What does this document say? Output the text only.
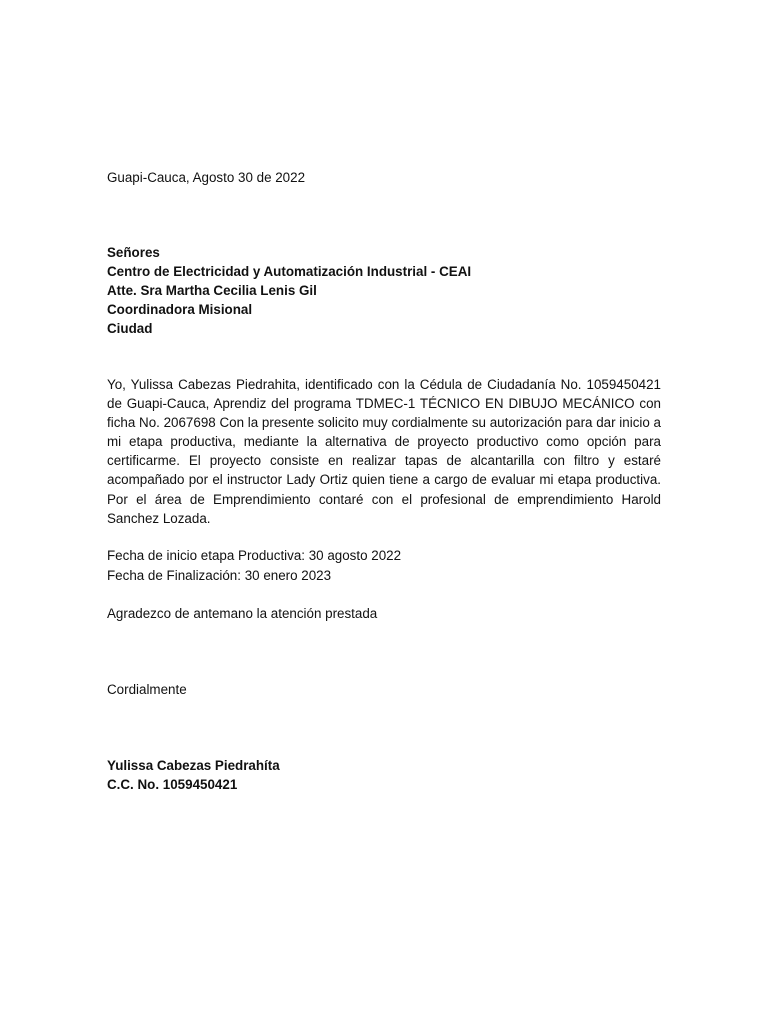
Guapi-Cauca, Agosto 30 de 2022
Señores
Centro de Electricidad y Automatización Industrial - CEAI
Atte. Sra Martha Cecilia Lenis Gil
Coordinadora Misional
Ciudad
Yo, Yulissa Cabezas Piedrahita, identificado con la Cédula de Ciudadanía No. 1059450421 de Guapi-Cauca, Aprendiz del programa TDMEC-1 TÉCNICO EN DIBUJO MECÁNICO con ficha No. 2067698 Con la presente solicito muy cordialmente su autorización para dar inicio a mi etapa productiva, mediante la alternativa de proyecto productivo como opción para certificarme. El proyecto consiste en realizar tapas de alcantarilla con filtro y estaré acompañado por el instructor Lady Ortiz quien tiene a cargo de evaluar mi etapa productiva. Por el área de Emprendimiento contaré con el profesional de emprendimiento Harold Sanchez Lozada.
Fecha de inicio etapa Productiva: 30 agosto 2022
Fecha de Finalización: 30 enero 2023
Agradezco de antemano la atención prestada
Cordialmente
Yulissa Cabezas Piedrahíta
C.C. No. 1059450421
